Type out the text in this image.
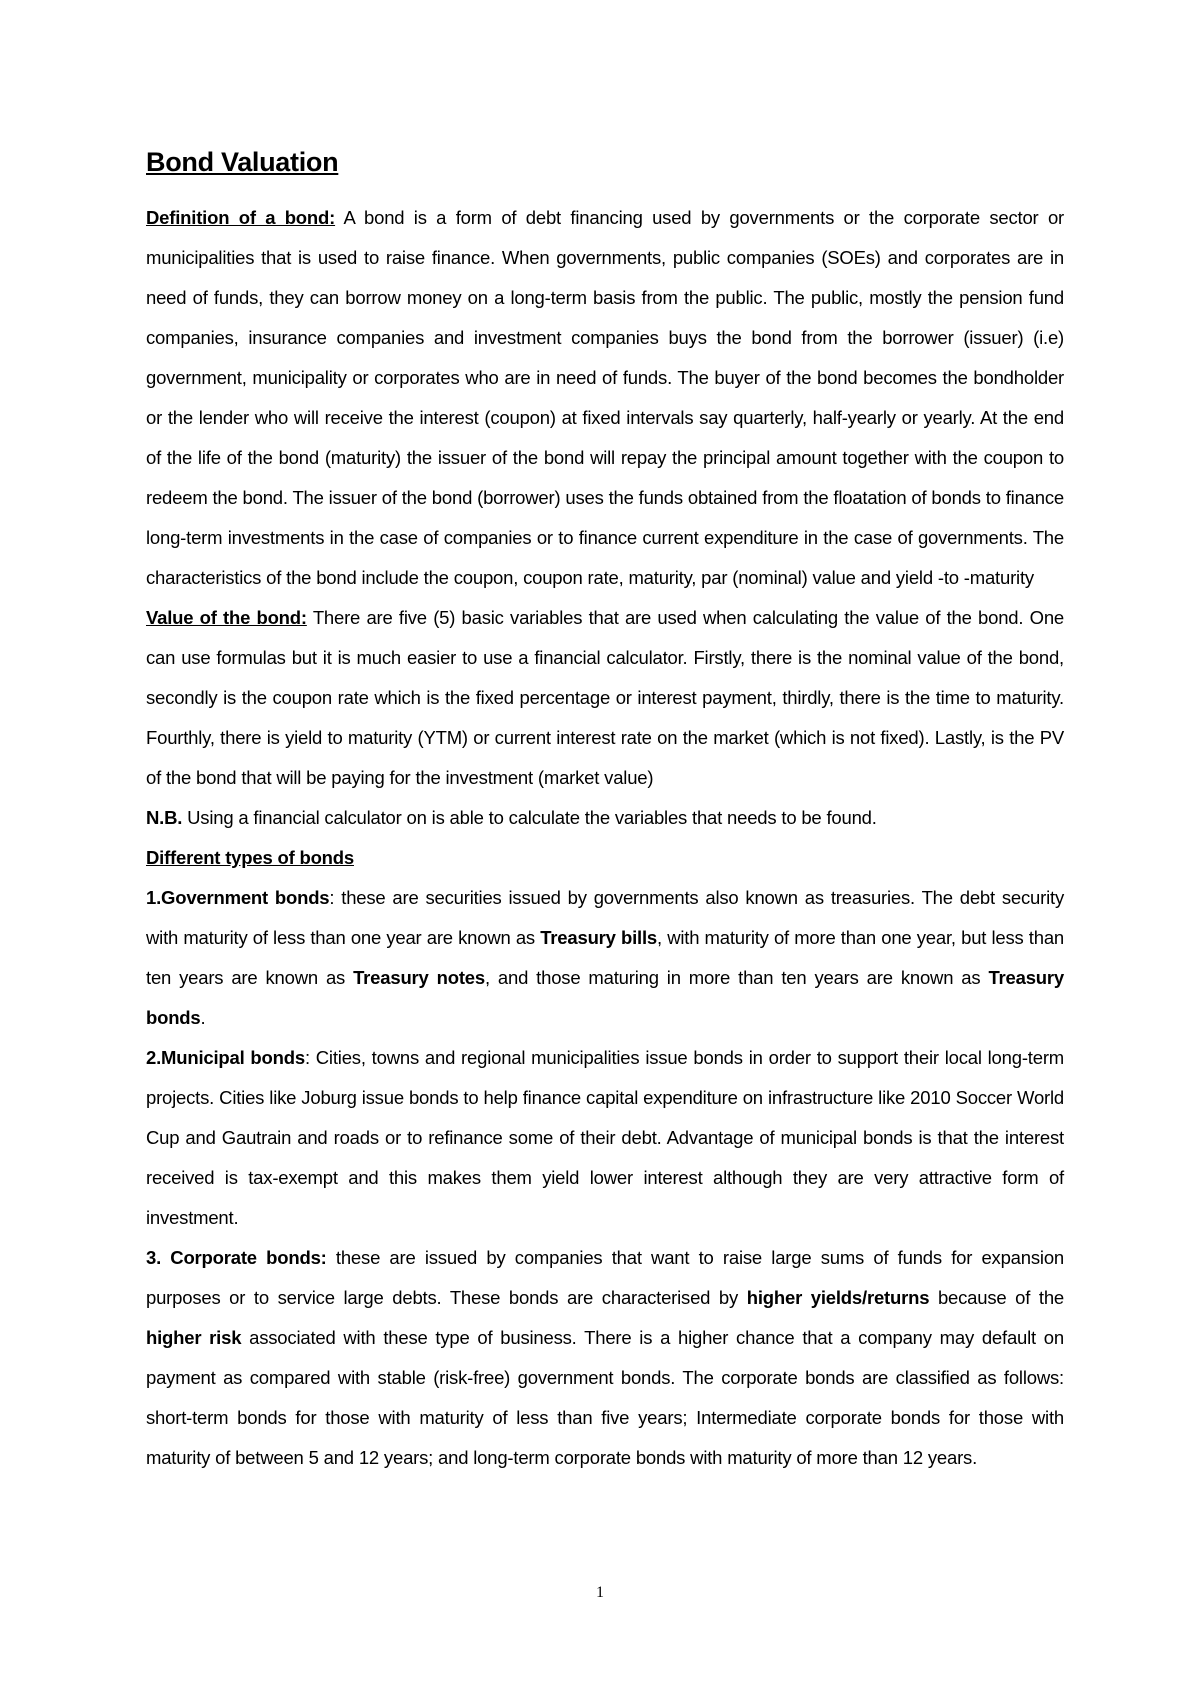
Bond Valuation

Definition of a bond: A bond is a form of debt financing used by governments or the corporate sector or municipalities that is used to raise finance. When governments, public companies (SOEs) and corporates are in need of funds, they can borrow money on a long-term basis from the public. The public, mostly the pension fund companies, insurance companies and investment companies buys the bond from the borrower (issuer) (i.e) government, municipality or corporates who are in need of funds. The buyer of the bond becomes the bondholder or the lender who will receive the interest (coupon) at fixed intervals say quarterly, half-yearly or yearly. At the end of the life of the bond (maturity) the issuer of the bond will repay the principal amount together with the coupon to redeem the bond. The issuer of the bond (borrower) uses the funds obtained from the floatation of bonds to finance long-term investments in the case of companies or to finance current expenditure in the case of governments. The characteristics of the bond include the coupon, coupon rate, maturity, par (nominal) value and yield -to -maturity

Value of the bond: There are five (5) basic variables that are used when calculating the value of the bond. One can use formulas but it is much easier to use a financial calculator. Firstly, there is the nominal value of the bond, secondly is the coupon rate which is the fixed percentage or interest payment, thirdly, there is the time to maturity. Fourthly, there is yield to maturity (YTM) or current interest rate on the market (which is not fixed). Lastly, is the PV of the bond that will be paying for the investment (market value)

N.B. Using a financial calculator on is able to calculate the variables that needs to be found.

Different types of bonds

1.Government bonds: these are securities issued by governments also known as treasuries. The debt security with maturity of less than one year are known as Treasury bills, with maturity of more than one year, but less than ten years are known as Treasury notes, and those maturing in more than ten years are known as Treasury bonds.

2.Municipal bonds: Cities, towns and regional municipalities issue bonds in order to support their local long-term projects. Cities like Joburg issue bonds to help finance capital expenditure on infrastructure like 2010 Soccer World Cup and Gautrain and roads or to refinance some of their debt. Advantage of municipal bonds is that the interest received is tax-exempt and this makes them yield lower interest although they are very attractive form of investment.

3. Corporate bonds: these are issued by companies that want to raise large sums of funds for expansion purposes or to service large debts. These bonds are characterised by higher yields/returns because of the higher risk associated with these type of business. There is a higher chance that a company may default on payment as compared with stable (risk-free) government bonds. The corporate bonds are classified as follows: short-term bonds for those with maturity of less than five years; Intermediate corporate bonds for those with maturity of between 5 and 12 years; and long-term corporate bonds with maturity of more than 12 years.

1
